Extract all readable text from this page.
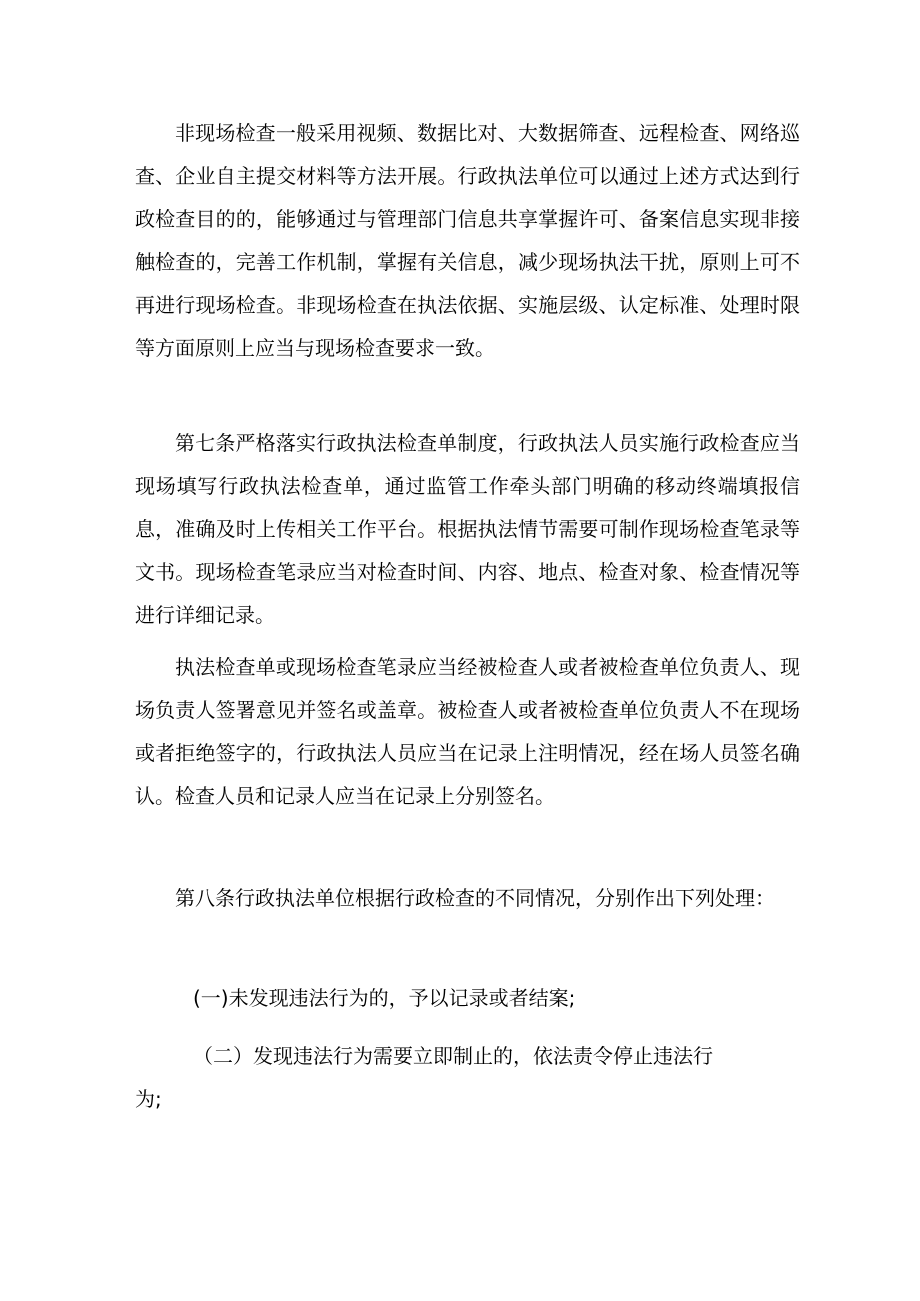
非现场检查一般采用视频、数据比对、大数据筛查、远程检查、网络巡查、企业自主提交材料等方法开展。行政执法单位可以通过上述方式达到行政检查目的的，能够通过与管理部门信息共享掌握许可、备案信息实现非接触检查的，完善工作机制，掌握有关信息，减少现场执法干扰，原则上可不再进行现场检查。非现场检查在执法依据、实施层级、认定标准、处理时限等方面原则上应当与现场检查要求一致。

第七条严格落实行政执法检查单制度，行政执法人员实施行政检查应当现场填写行政执法检查单，通过监管工作牵头部门明确的移动终端填报信息，准确及时上传相关工作平台。根据执法情节需要可制作现场检查笔录等文书。现场检查笔录应当对检查时间、内容、地点、检查对象、检查情况等进行详细记录。

执法检查单或现场检查笔录应当经被检查人或者被检查单位负责人、现场负责人签署意见并签名或盖章。被检查人或者被检查单位负责人不在现场或者拒绝签字的，行政执法人员应当在记录上注明情况，经在场人员签名确认。检查人员和记录人应当在记录上分别签名。

第八条行政执法单位根据行政检查的不同情况，分别作出下列处理：

(一)未发现违法行为的，予以记录或者结案;

（二）发现违法行为需要立即制止的，依法责令停止违法行

为;
